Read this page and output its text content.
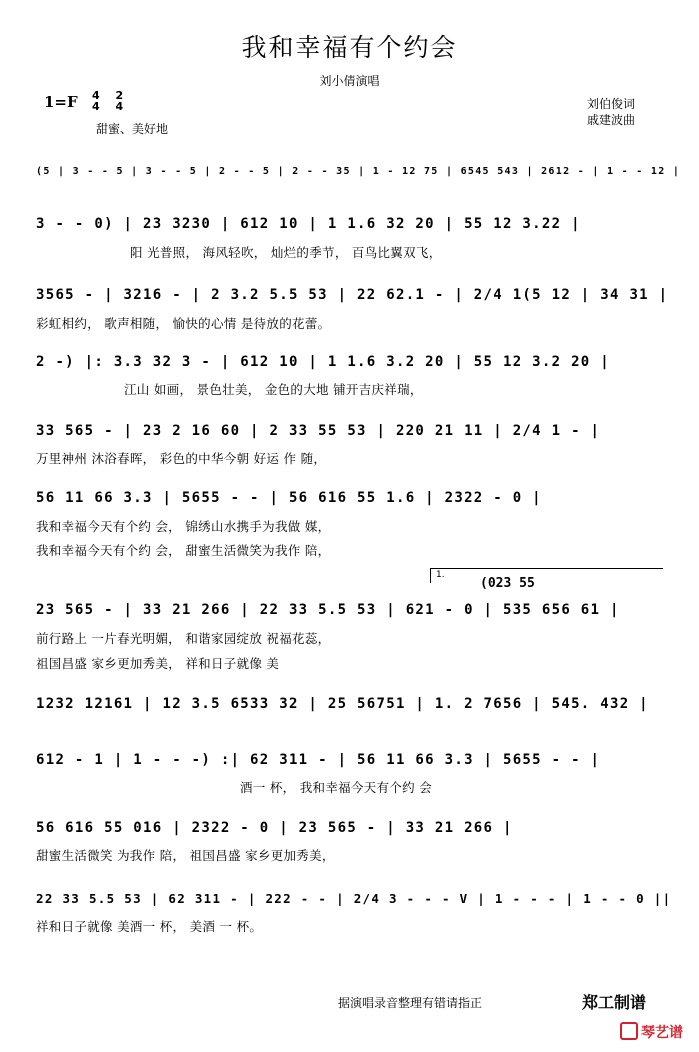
我和幸福有个约会
刘小倩演唱
1=F 4
4 2
4
甜蜜、美好地
刘伯俊词
戚建波曲
(5 | 3 - - 5 | 3 - - 5 | 2 - - 5 | 2 - - 35 | 1 - 12 75 | 6545 543 | 2612 - | 1 - - 12 |
3 - - 0) | 23 3230 | 612 10 | 1 1.6 32 20 | 55 12 3.22 |
阳 光普照， 海风轻吹， 灿烂的季节， 百鸟比翼双飞，
3565 - | 3216 - | 2 3.2 5.5 53 | 22 62.1 - | 2/4 1(5 12 | 34 31 |
彩虹相约， 歌声相随， 愉快的心情 是待放的花蕾。
2 -) |: 3.3 32 3 - | 612 10 | 1 1.6 3.2 20 | 55 12 3.2 20 |
江山 如画， 景色壮美， 金色的大地 铺开吉庆祥瑞，
33 565 - | 23 2 16 60 | 2 33 55 53 | 220 21 11 | 2/4 1 - |
万里神州 沐浴春晖， 彩色的中华今朝 好运 作 随，
56 11 66 3.3 | 5655 - - | 56 616 55 1.6 | 2322 - 0 |
我和幸福今天有个约 会， 锦绣山水携手为我做 媒，
我和幸福今天有个约 会， 甜蜜生活微笑为我作 陪，
1.
(023 55
23 565 - | 33 21 266 | 22 33 5.5 53 | 621 - 0 | 535 656 61 |
前行路上 一片春光明媚， 和谐家园绽放 祝福花蕊，
祖国昌盛 家乡更加秀美， 祥和日子就像 美
1232 12161 | 12 3.5 6533 32 | 25 56751 | 1. 2 7656 | 545. 432 |
612 - 1 | 1 - - -) :| 62 311 - | 56 11 66 3.3 | 5655 - - |
酒一 杯， 我和幸福今天有个约 会
56 616 55 016 | 2322 - 0 | 23 565 - | 33 21 266 |
甜蜜生活微笑 为我作 陪， 祖国昌盛 家乡更加秀美，
22 33 5.5 53 | 62 311 - | 222 - - | 2/4 3 - - - V | 1 - - - | 1 - - 0 ||
祥和日子就像 美酒一 杯， 美酒 一 杯。
据演唱录音整理有错请指正	郑工制谱
琴艺谱
